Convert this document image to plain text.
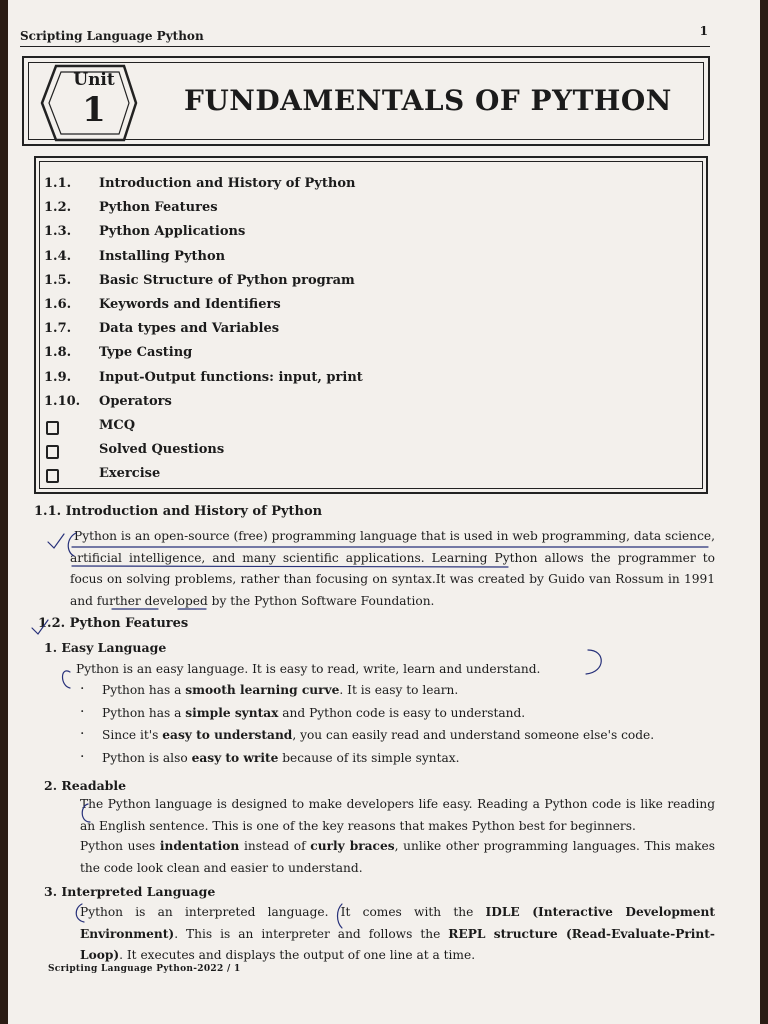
Scripting Language Python	1
Unit
1	FUNDAMENTALS OF PYTHON
1.1.	Introduction and History of Python
1.2.	Python Features
1.3.	Python Applications
1.4.	Installing Python
1.5.	Basic Structure of Python program
1.6.	Keywords and Identifiers
1.7.	Data types and Variables
1.8.	Type Casting
1.9.	Input-Output functions: input, print
1.10.	Operators
MCQ
Solved Questions
Exercise
1.1. Introduction and History of Python
Python is an open-source (free) programming language that is used in web programming, data science, artificial intelligence, and many scientific applications. Learning Python allows the programmer to focus on solving problems, rather than focusing on syntax.It was created by Guido van Rossum in 1991 and further developed by the Python Software Foundation.
1.2. Python Features
1. Easy Language
Python is an easy language. It is easy to read, write, learn and understand.
· Python has a smooth learning curve. It is easy to learn.
· Python has a simple syntax and Python code is easy to understand.
· Since it's easy to understand, you can easily read and understand someone else's code.
· Python is also easy to write because of its simple syntax.
2. Readable
The Python language is designed to make developers life easy. Reading a Python code is like reading an English sentence. This is one of the key reasons that makes Python best for beginners.
Python uses indentation instead of curly braces, unlike other programming languages. This makes the code look clean and easier to understand.
3. Interpreted Language
Python is an interpreted language. It comes with the IDLE (Interactive Development Environment). This is an interpreter and follows the REPL structure (Read-Evaluate-Print-Loop). It executes and displays the output of one line at a time.
Scripting Language Python-2022 / 1
